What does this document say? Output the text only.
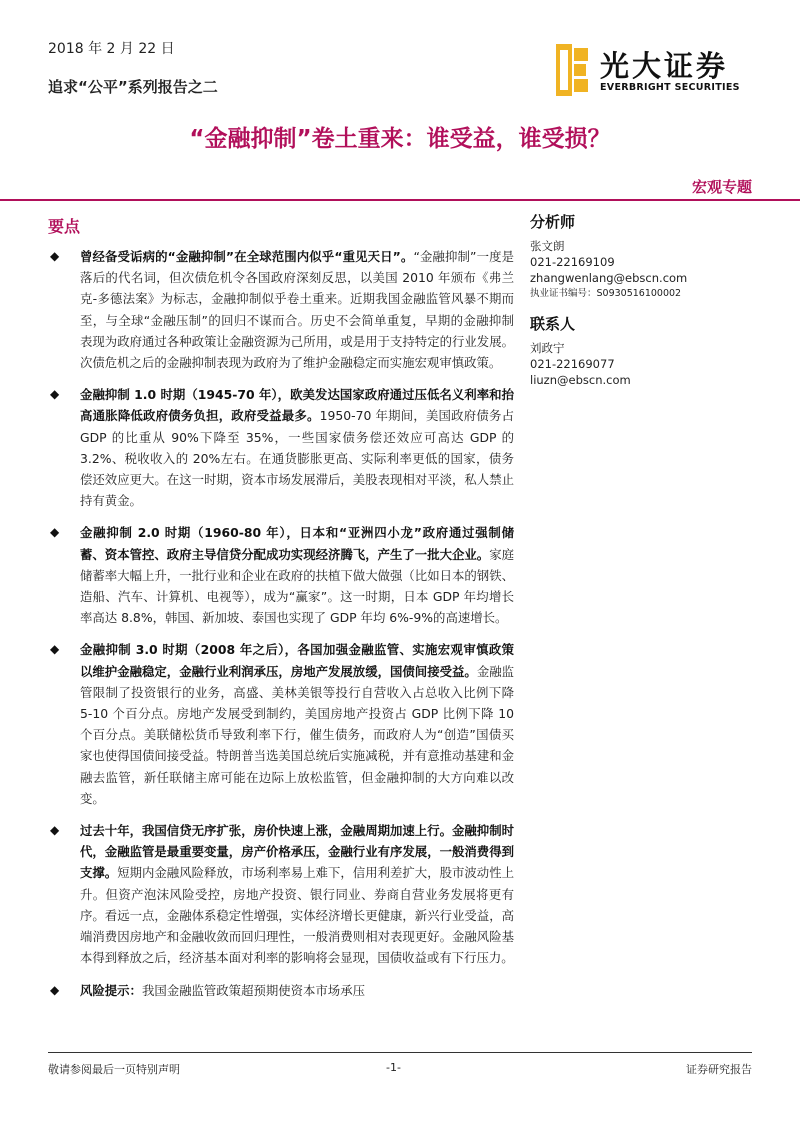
2018 年 2 月 22 日
追求“公平”系列报告之二
光大证券
EVERBRIGHT SECURITIES
“金融抑制”卷土重来：谁受益，谁受损？
宏观专题
要点
◆ 曾经备受诟病的“金融抑制”在全球范围内似乎“重见天日”。“金融抑制”一度是落后的代名词，但次债危机令各国政府深刻反思，以美国 2010 年颁布《弗兰克-多德法案》为标志，金融抑制似乎卷土重来。近期我国金融监管风暴不期而至，与全球“金融压制”的回归不谋而合。历史不会简单重复，早期的金融抑制表现为政府通过各种政策让金融资源为己所用，或是用于支持特定的行业发展。次债危机之后的金融抑制表现为政府为了维护金融稳定而实施宏观审慎政策。
◆ 金融抑制 1.0 时期（1945-70 年），欧美发达国家政府通过压低名义利率和抬高通胀降低政府债务负担，政府受益最多。1950-70 年期间，美国政府债务占 GDP 的比重从 90%下降至 35%，一些国家债务偿还效应可高达 GDP 的 3.2%、税收收入的 20%左右。在通货膨胀更高、实际利率更低的国家，债务偿还效应更大。在这一时期，资本市场发展滞后，美股表现相对平淡，私人禁止持有黄金。
◆ 金融抑制 2.0 时期（1960-80 年），日本和“亚洲四小龙”政府通过强制储蓄、资本管控、政府主导信贷分配成功实现经济腾飞，产生了一批大企业。家庭储蓄率大幅上升，一批行业和企业在政府的扶植下做大做强（比如日本的钢铁、造船、汽车、计算机、电视等），成为“赢家”。这一时期，日本 GDP 年均增长率高达 8.8%，韩国、新加坡、泰国也实现了 GDP 年均 6%-9%的高速增长。
◆ 金融抑制 3.0 时期（2008 年之后），各国加强金融监管、实施宏观审慎政策以维护金融稳定，金融行业利润承压，房地产发展放缓，国债间接受益。金融监管限制了投资银行的业务，高盛、美林美银等投行自营收入占总收入比例下降 5-10 个百分点。房地产发展受到制约，美国房地产投资占 GDP 比例下降 10 个百分点。美联储松货币导致利率下行，催生债务，而政府人为“创造”国债买家也使得国债间接受益。特朗普当选美国总统后实施减税，并有意推动基建和金融去监管，新任联储主席可能在边际上放松监管，但金融抑制的大方向难以改变。
◆ 过去十年，我国信贷无序扩张，房价快速上涨，金融周期加速上行。金融抑制时代，金融监管是最重要变量，房产价格承压，金融行业有序发展，一般消费得到支撑。短期内金融风险释放，市场利率易上难下，信用利差扩大，股市波动性上升。但资产泡沫风险受控，房地产投资、银行同业、券商自营业务发展将更有序。看远一点，金融体系稳定性增强，实体经济增长更健康，新兴行业受益，高端消费因房地产和金融收敛而回归理性，一般消费则相对表现更好。金融风险基本得到释放之后，经济基本面对利率的影响将会显现，国债收益或有下行压力。
◆ 风险提示：我国金融监管政策超预期使资本市场承压
分析师
张文朗
021-22169109
zhangwenlang@ebscn.com
执业证书编号：S0930516100002
联系人
刘政宁
021-22169077
liuzn@ebscn.com
敬请参阅最后一页特别声明	-1-	证券研究报告
